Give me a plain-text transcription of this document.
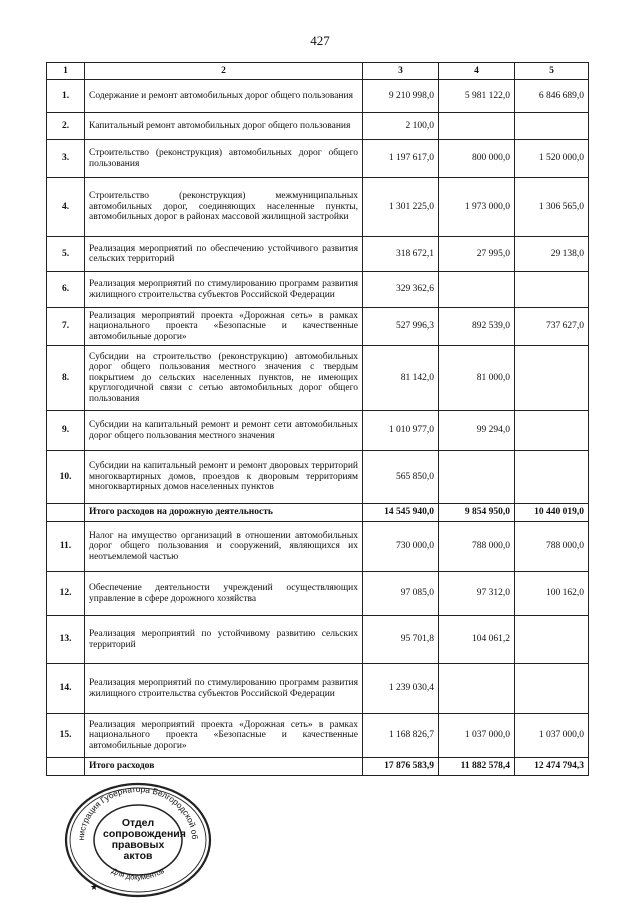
427
1	2	3	4	5
1.	Содержание и ремонт автомобильных дорог общего пользования	9 210 998,0	5 981 122,0	6 846 689,0
2.	Капитальный ремонт автомобильных дорог общего пользования	2 100,0		
3.	Строительство (реконструкция) автомобильных дорог общего пользования	1 197 617,0	800 000,0	1 520 000,0
4.	Строительство (реконструкция) межмуниципальных автомобильных дорог, соединяющих населенные пункты, автомобильных дорог в районах массовой жилищной застройки	1 301 225,0	1 973 000,0	1 306 565,0
5.	Реализация мероприятий по обеспечению устойчивого развития сельских территорий	318 672,1	27 995,0	29 138,0
6.	Реализация мероприятий по стимулированию программ развития жилищного строительства субъектов Российской Федерации	329 362,6		
7.	Реализация мероприятий проекта «Дорожная сеть» в рамках национального проекта «Безопасные и качественные автомобильные дороги»	527 996,3	892 539,0	737 627,0
8.	Субсидии на строительство (реконструкцию) автомобильных дорог общего пользования местного значения с твердым покрытием до сельских населенных пунктов, не имеющих круглогодичной связи с сетью автомобильных дорог общего пользования	81 142,0	81 000,0	
9.	Субсидии на капитальный ремонт и ремонт сети автомобильных дорог общего пользования местного значения	1 010 977,0	99 294,0	
10.	Субсидии на капитальный ремонт и ремонт дворовых территорий многоквартирных домов, проездов к дворовым территориям многоквартирных домов населенных пунктов	565 850,0		
	Итого расходов на дорожную деятельность	14 545 940,0	9 854 950,0	10 440 019,0
11.	Налог на имущество организаций в отношении автомобильных дорог общего пользования и сооружений, являющихся их неотъемлемой частью	730 000,0	788 000,0	788 000,0
12.	Обеспечение деятельности учреждений осуществляющих управление в сфере дорожного хозяйства	97 085,0	97 312,0	100 162,0
13.	Реализация мероприятий по устойчивому развитию сельских территорий	95 701,8	104 061,2	
14.	Реализация мероприятий по стимулированию программ развития жилищного строительства субъектов Российской Федерации	1 239 030,4		
15.	Реализация мероприятий проекта «Дорожная сеть» в рамках национального проекта «Безопасные и качественные автомобильные дороги»	1 168 826,7	1 037 000,0	1 037 000,0
	Итого расходов	17 876 583,9	11 882 578,4	12 474 794,3
нистрация Губернатора Белгородской об
Для документов
★
Отдел
сопровождения
правовых
актов
